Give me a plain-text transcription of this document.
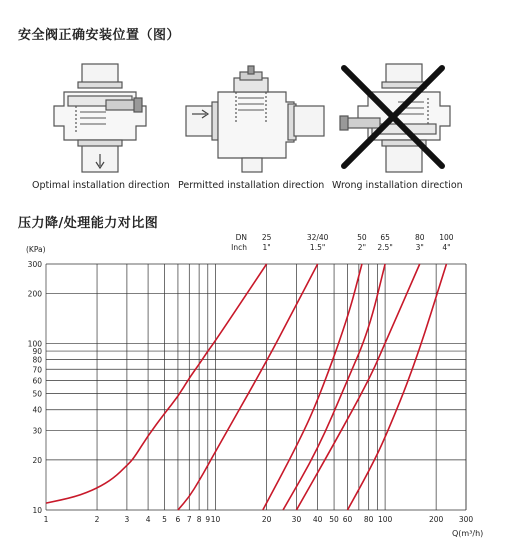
安全阀正确安装位置（图）
Optimal installation direction Permitted installation direction Wrong installation direction
压力降/处理能力对比图
10
20
30
40
50
60
70
80
90
100
200
300
1	2	3 4 5 6 7 8 9 10	20	30 40 50 60 80 100	200 300
DN
Inch
25
1"
32/40
1.5"
50
2"
65
2.5"
80
3"
100
4"
(KPa)
Q(m³/h)
